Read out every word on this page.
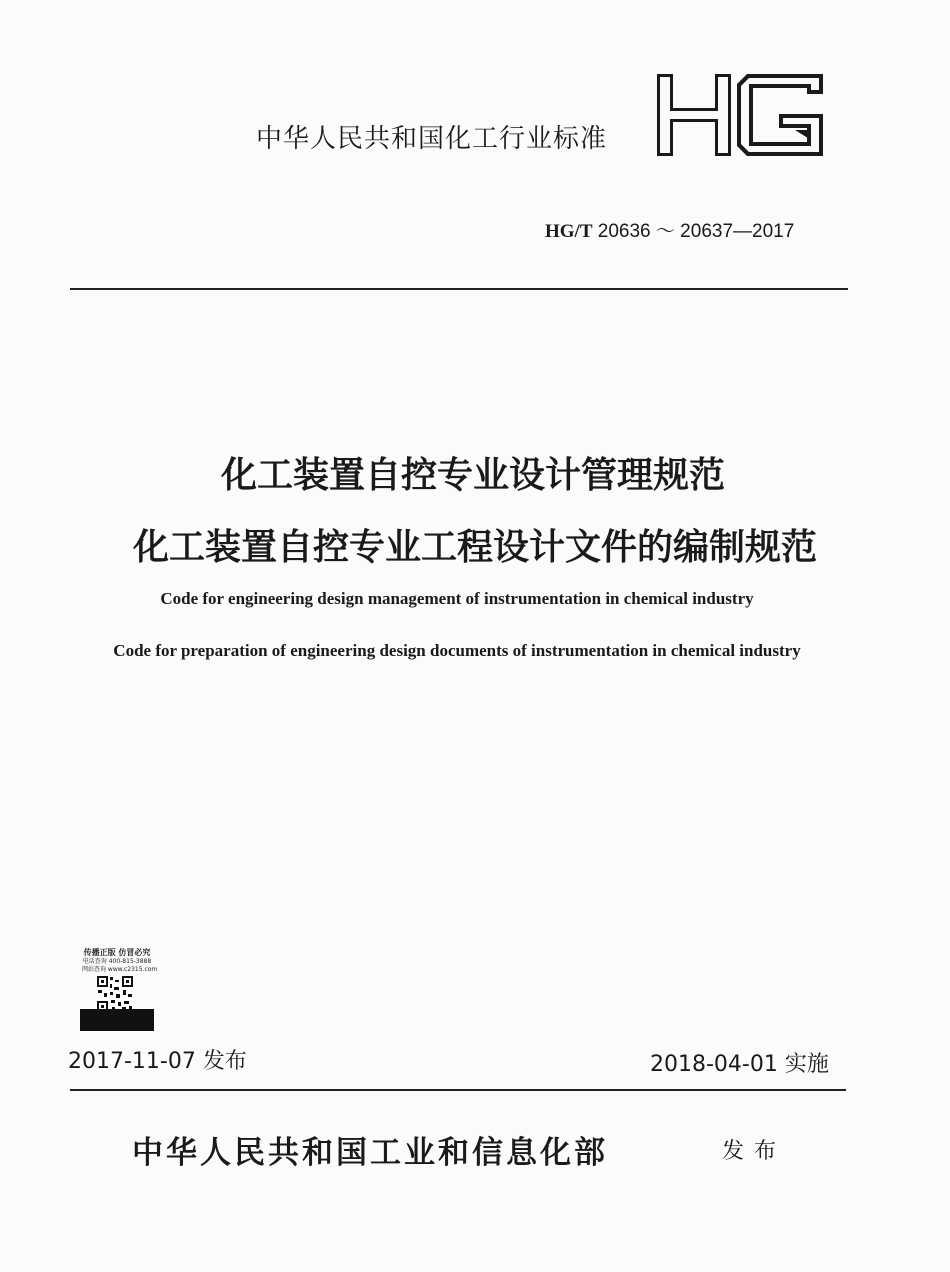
中华人民共和国化工行业标准
HG/T 20636 ～ 20637—2017
化工装置自控专业设计管理规范
化工装置自控专业工程设计文件的编制规范
Code for engineering design management of instrumentation in chemical industry
Code for preparation of engineering design documents of instrumentation in chemical industry
传播正版 仿冒必究
电话查询 400-815-3888
网站查询 www.c2315.com
2017-11-07 发布	2018-04-01 实施
中华人民共和国工业和信息化部	发布
